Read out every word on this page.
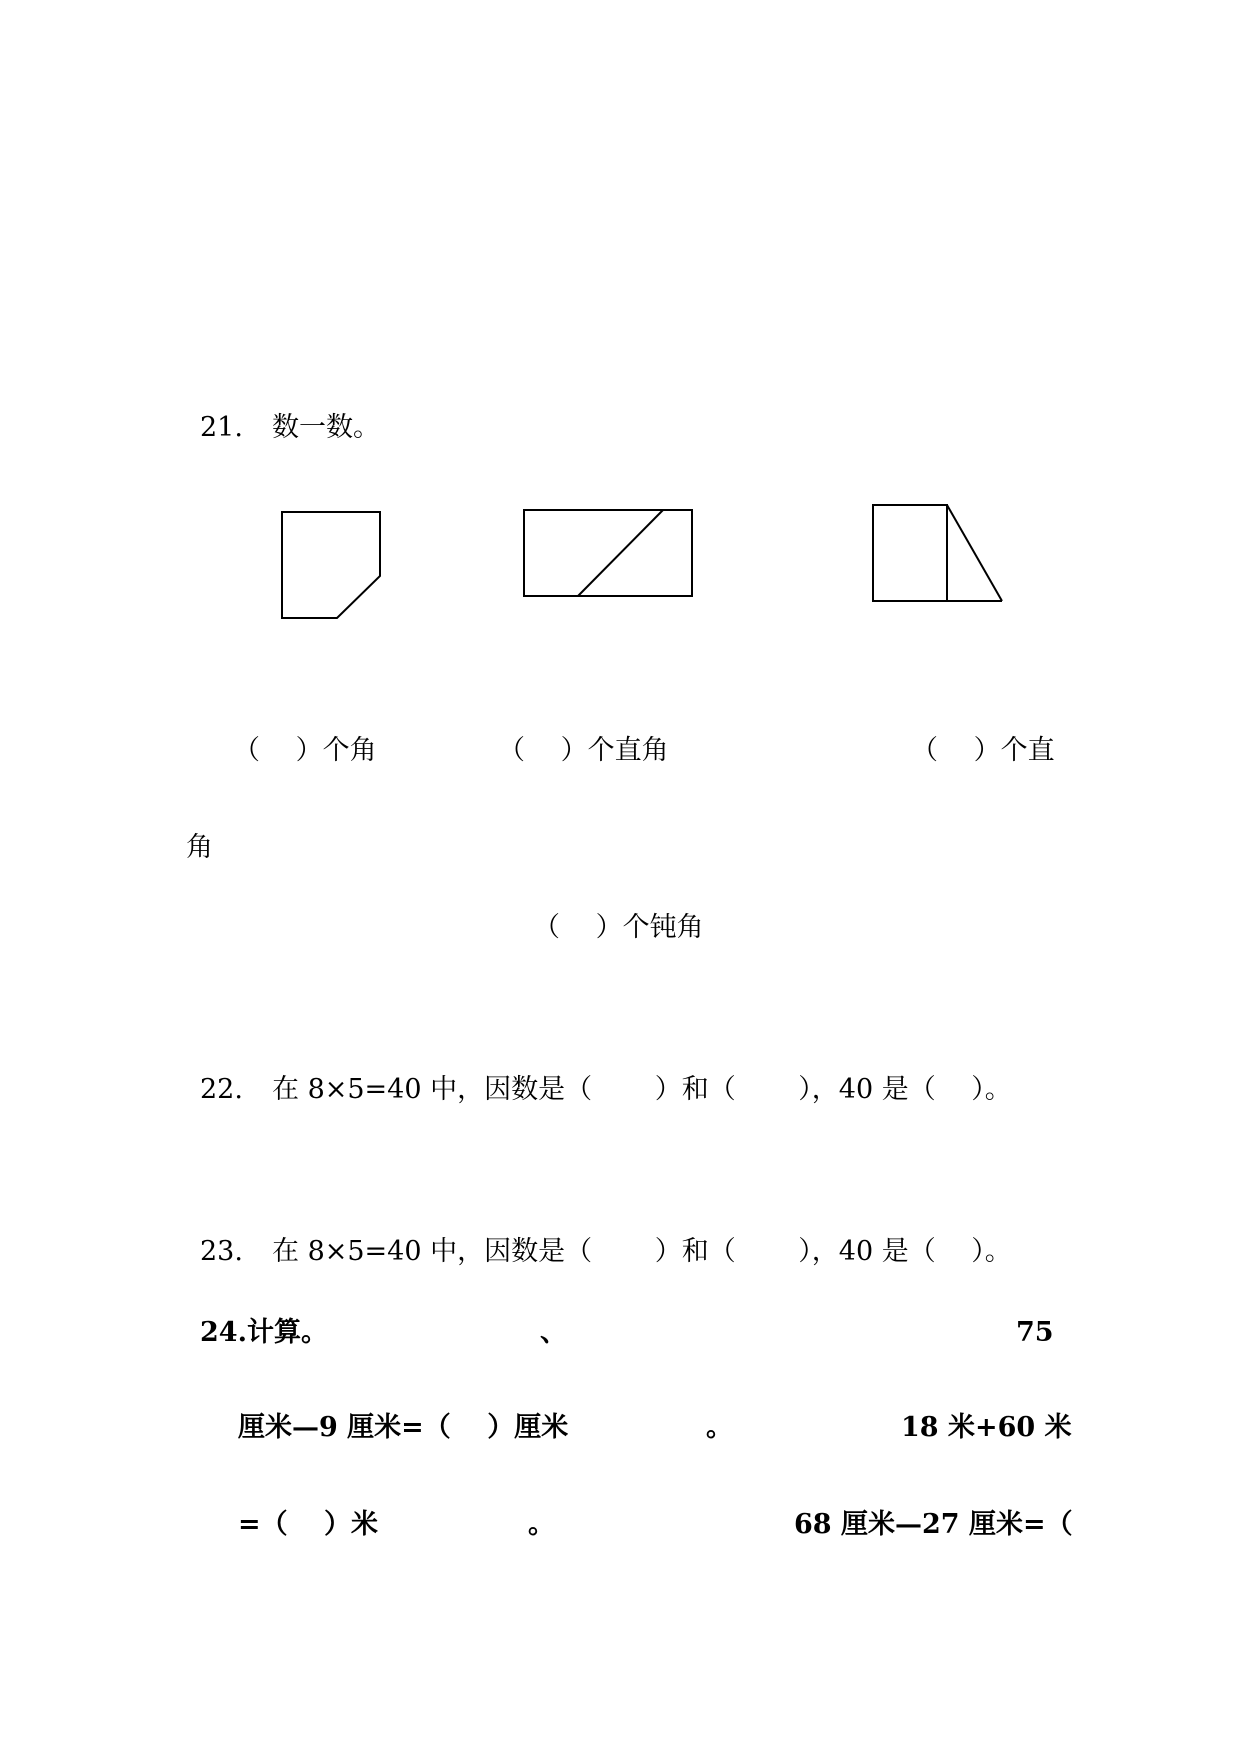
21. 数一数。
（　 ）个角	（　 ）个直角	（　 ）个直
角
（　 ）个钝角
22. 在 8×5=40 中，因数是（　　 ）和（　　 ），40 是（　 ）。
23. 在 8×5=40 中，因数是（　　 ）和（　　 ），40 是（　 ）。
24.计算。	、	75
厘米—9 厘米=（　 ）厘米	。	18 米+60 米
=（　 ）米	。	68 厘米—27 厘米=（
